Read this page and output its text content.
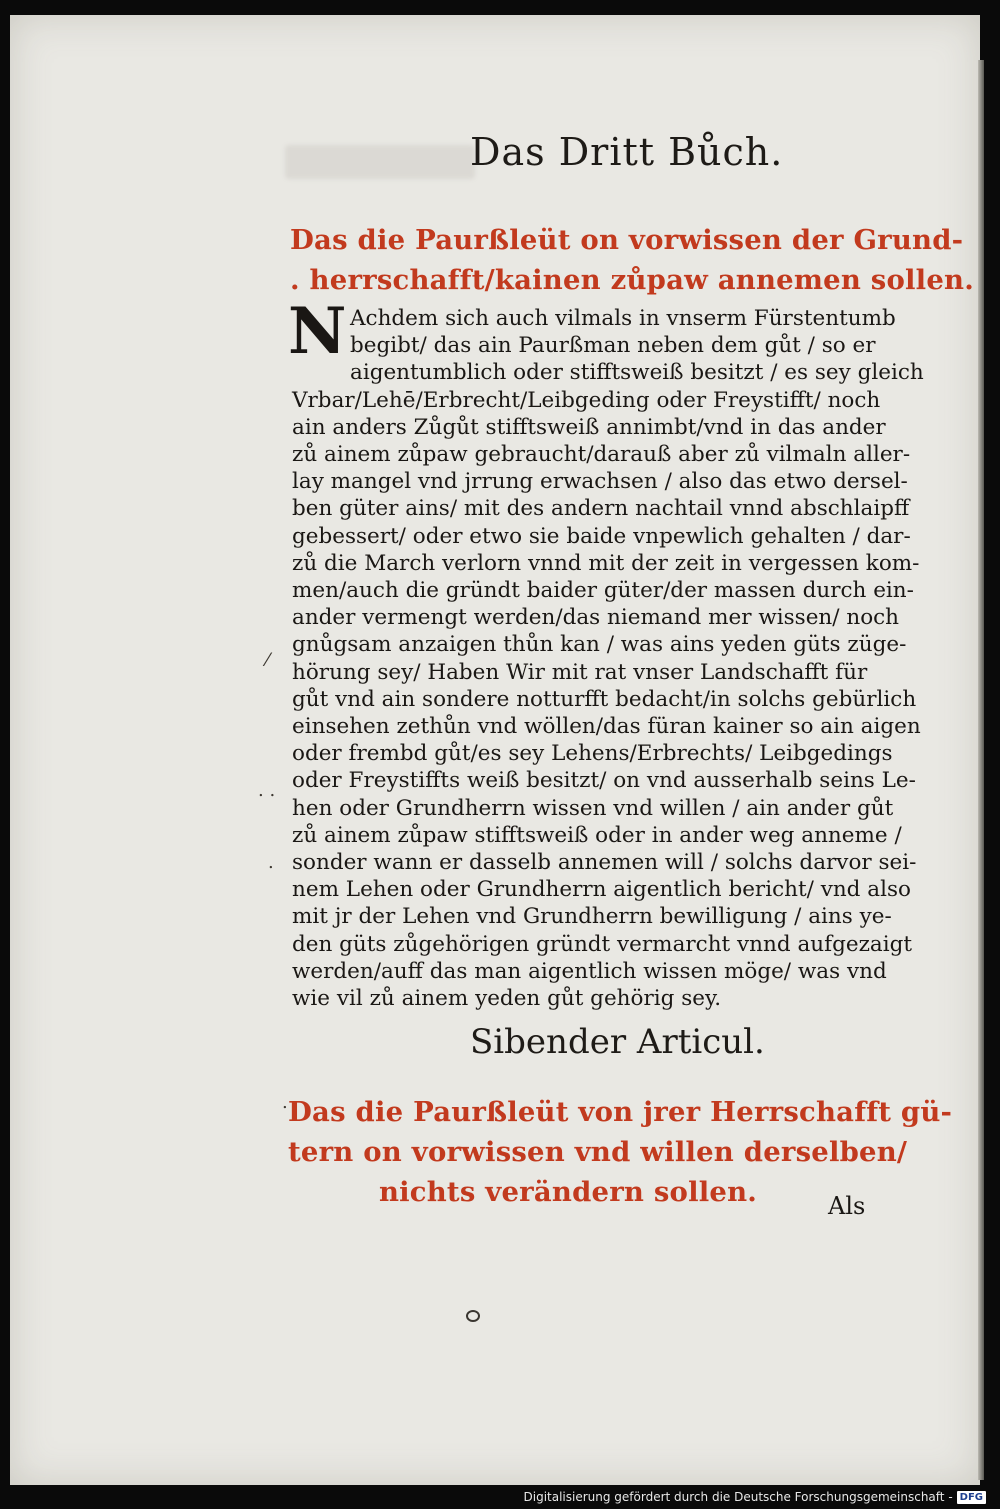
Das Dritt Bůch.
Das die Paurßleüt on vorwissen der Grund-
. herrschafft/kainen zůpaw annemen sollen.
N Achdem sich auch vilmals in vnserm Fürstentumb
begibt/ das ain Paurßman neben dem gůt / so er
aigentumblich oder stifftsweiß besitzt / es sey gleich
Vrbar/Lehē/Erbrecht/Leibgeding oder Freystifft/ noch
ain anders Zůgůt stifftsweiß annimbt/vnd in das ander
zů ainem zůpaw gebraucht/darauß aber zů vilmaln aller-
lay mangel vnd jrrung erwachsen / also das etwo dersel-
ben güter ains/ mit des andern nachtail vnnd abschlaipff
gebessert/ oder etwo sie baide vnpewlich gehalten / dar-
zů die March verlorn vnnd mit der zeit in vergessen kom-
men/auch die gründt baider güter/der massen durch ein-
ander vermengt werden/das niemand mer wissen/ noch
gnůgsam anzaigen thůn kan / was ains yeden güts züge-
hörung sey/ Haben Wir mit rat vnser Landschafft für
gůt vnd ain sondere notturfft bedacht/in solchs gebürlich
einsehen zethůn vnd wöllen/das füran kainer so ain aigen
oder frembd gůt/es sey Lehens/Erbrechts/ Leibgedings
oder Freystiffts weiß besitzt/ on vnd ausserhalb seins Le-
hen oder Grundherrn wissen vnd willen / ain ander gůt
zů ainem zůpaw stifftsweiß oder in ander weg anneme /
sonder wann er dasselb annemen will / solchs darvor sei-
nem Lehen oder Grundherrn aigentlich bericht/ vnd also
mit jr der Lehen vnd Grundherrn bewilligung / ains ye-
den güts zůgehörigen gründt vermarcht vnnd aufgezaigt
werden/auff das man aigentlich wissen möge/ was vnd
wie vil zů ainem yeden gůt gehörig sey.
Sibender Articul.
Das die Paurßleüt von jrer Herrschafft gü-
tern on vorwissen vnd willen derselben/
nichts verändern sollen.	Als
. .
.
⁄
.
Digitalisierung gefördert durch die Deutsche Forschungsgemeinschaft - DFG
